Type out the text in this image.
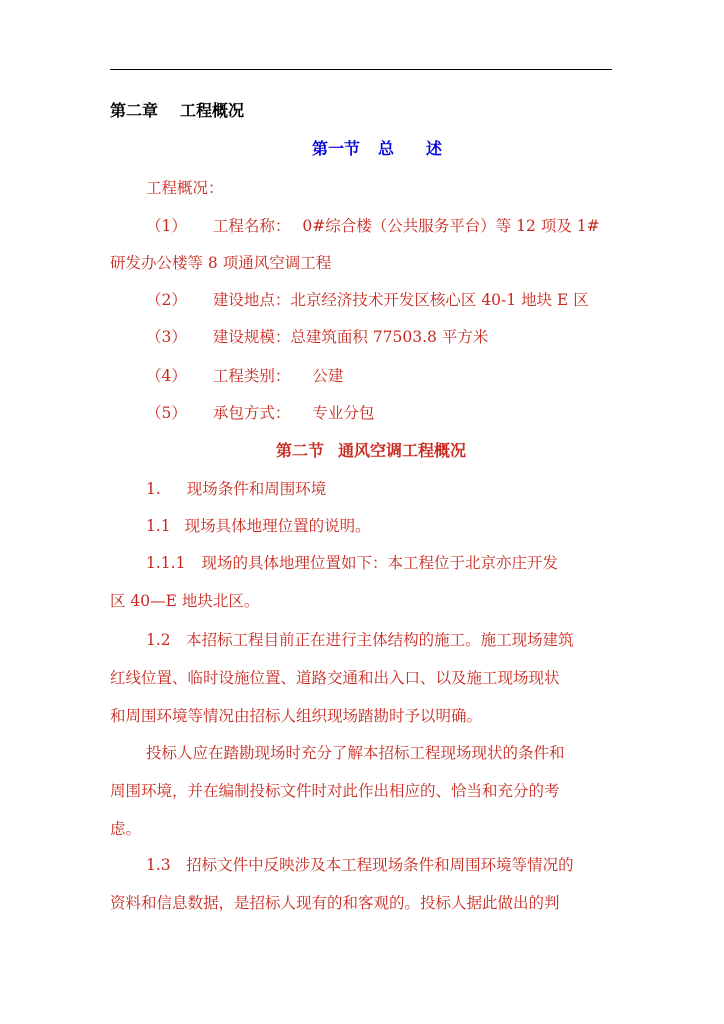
第二章 工程概况
第一节 总 述
工程概况：
（1） 工程名称： 0#综合楼（公共服务平台）等 12 项及 1#
研发办公楼等 8 项通风空调工程
（2） 建设地点：北京经济技术开发区核心区 40-1 地块 E 区
（3） 建设规模：总建筑面积 77503.8 平方米
（4） 工程类别： 公建
（5） 承包方式： 专业分包
第二节 通风空调工程概况
1. 现场条件和周围环境
1.1 现场具体地理位置的说明。
1.1.1 现场的具体地理位置如下：本工程位于北京亦庄开发
区 40—E 地块北区。
1.2　本招标工程目前正在进行主体结构的施工。施工现场建筑
红线位置、临时设施位置、道路交通和出入口、以及施工现场现状
和周围环境等情况由招标人组织现场踏勘时予以明确。
投标人应在踏勘现场时充分了解本招标工程现场现状的条件和
周围环境，并在编制投标文件时对此作出相应的、恰当和充分的考
虑。
1.3　招标文件中反映涉及本工程现场条件和周围环境等情况的
资料和信息数据，是招标人现有的和客观的。投标人据此做出的判
